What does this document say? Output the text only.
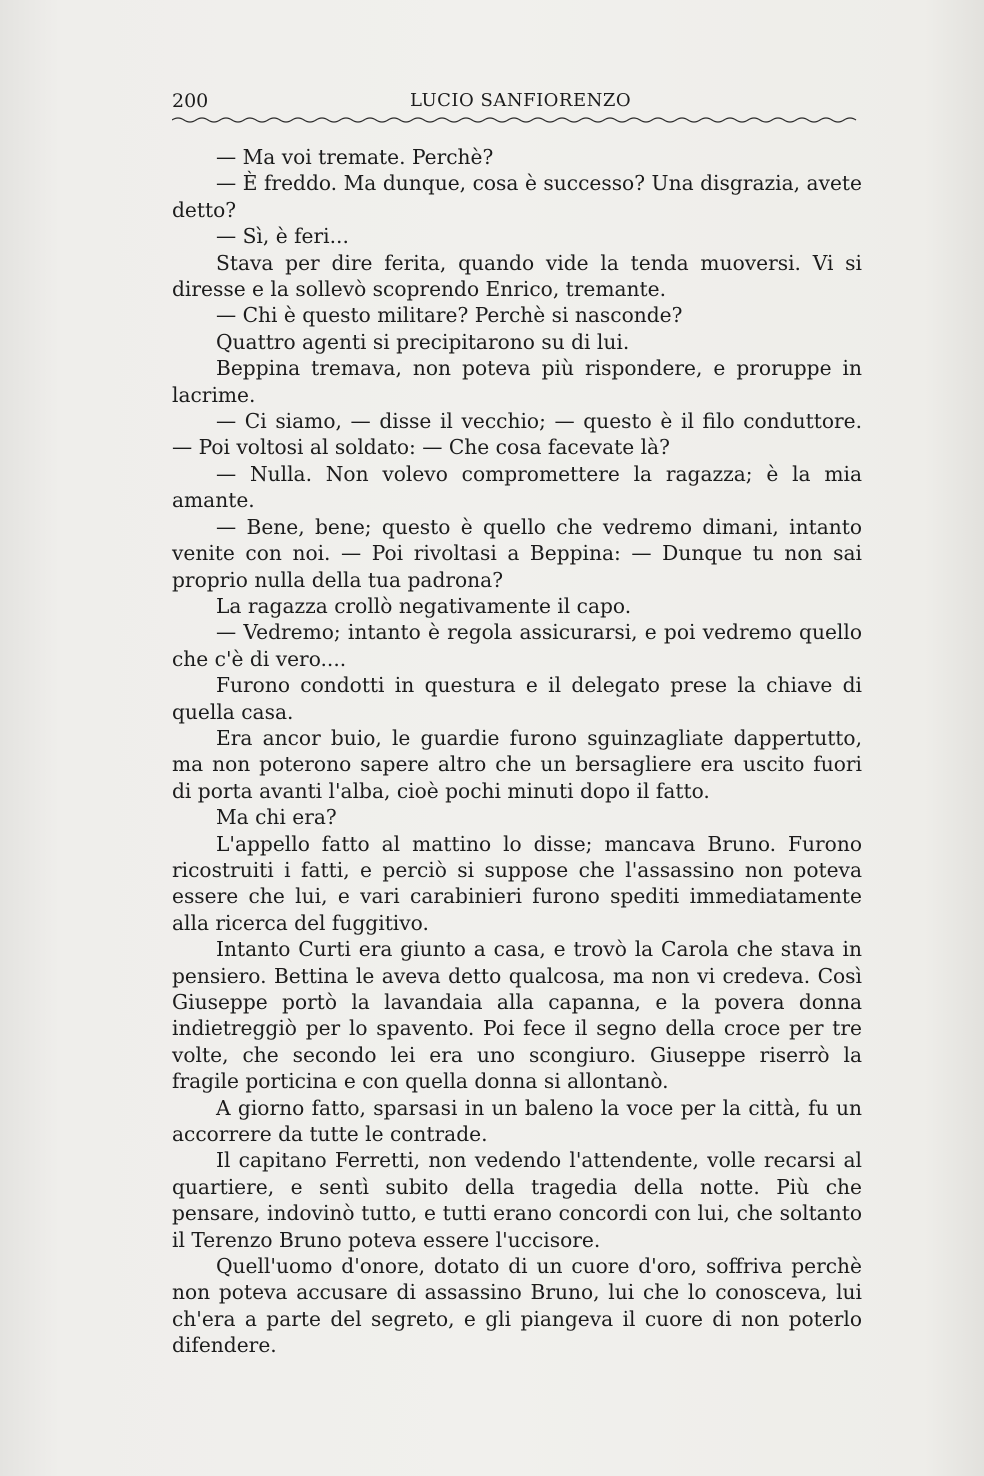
200	LUCIO SANFIORENZO

— Ma voi tremate. Perchè?

— È freddo. Ma dunque, cosa è successo? Una disgrazia, avete detto?

— Sì, è feri...

Stava per dire ferita, quando vide la tenda muoversi. Vi si diresse e la sollevò scoprendo Enrico, tremante.

— Chi è questo militare? Perchè si nasconde?

Quattro agenti si precipitarono su di lui.

Beppina tremava, non poteva più rispondere, e proruppe in lacrime.

— Ci siamo, — disse il vecchio; — questo è il filo conduttore. — Poi voltosi al soldato: — Che cosa facevate là?

— Nulla. Non volevo compromettere la ragazza; è la mia amante.

— Bene, bene; questo è quello che vedremo dimani, intanto venite con noi. — Poi rivoltasi a Beppina: — Dunque tu non sai proprio nulla della tua padrona?

La ragazza crollò negativamente il capo.

— Vedremo; intanto è regola assicurarsi, e poi vedremo quello che c'è di vero....

Furono condotti in questura e il delegato prese la chiave di quella casa.

Era ancor buio, le guardie furono sguinzagliate dappertutto, ma non poterono sapere altro che un bersagliere era uscito fuori di porta avanti l'alba, cioè pochi minuti dopo il fatto.

Ma chi era?

L'appello fatto al mattino lo disse; mancava Bruno. Furono ricostruiti i fatti, e perciò si suppose che l'assassino non poteva essere che lui, e vari carabinieri furono spediti immediatamente alla ricerca del fuggitivo.

Intanto Curti era giunto a casa, e trovò la Carola che stava in pensiero. Bettina le aveva detto qualcosa, ma non vi credeva. Così Giuseppe portò la lavandaia alla capanna, e la povera donna indietreggiò per lo spavento. Poi fece il segno della croce per tre volte, che secondo lei era uno scongiuro. Giuseppe riserrò la fragile porticina e con quella donna si allontanò.

A giorno fatto, sparsasi in un baleno la voce per la città, fu un accorrere da tutte le contrade.

Il capitano Ferretti, non vedendo l'attendente, volle recarsi al quartiere, e sentì subito della tragedia della notte. Più che pensare, indovinò tutto, e tutti erano concordi con lui, che soltanto il Terenzo Bruno poteva essere l'uccisore.

Quell'uomo d'onore, dotato di un cuore d'oro, soffriva perchè non poteva accusare di assassino Bruno, lui che lo conosceva, lui ch'era a parte del segreto, e gli piangeva il cuore di non poterlo difendere.
